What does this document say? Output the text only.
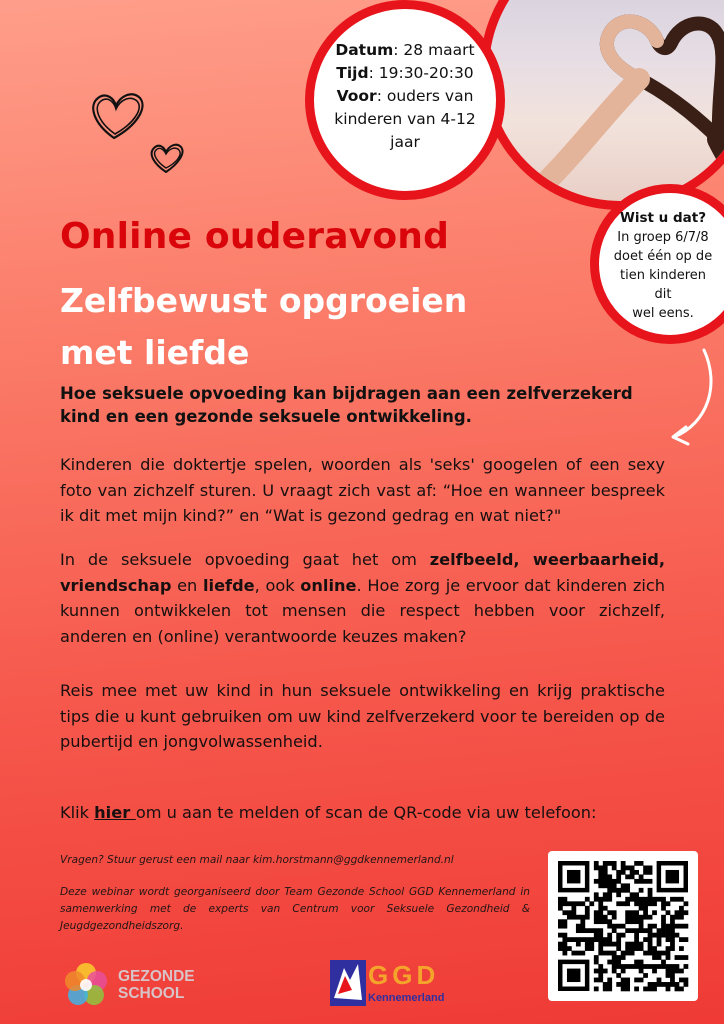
Datum: 28 maart
Tijd: 19:30-20:30
Voor: ouders van
kinderen van 4-12
jaar
Wist u dat?
In groep 6/7/8
doet één op de
tien kinderen dit
wel eens.
Online ouderavond
Zelfbewust opgroeien
met liefde
Hoe seksuele opvoeding kan bijdragen aan een zelfverzekerd kind en een gezonde seksuele ontwikkeling.
Kinderen die doktertje spelen, woorden als 'seks' googelen of een sexy foto van zichzelf sturen. U vraagt zich vast af: “Hoe en wanneer bespreek ik dit met mijn kind?” en “Wat is gezond gedrag en wat niet?"
In de seksuele opvoeding gaat het om zelfbeeld, weerbaarheid, vriendschap en liefde, ook online. Hoe zorg je ervoor dat kinderen zich kunnen ontwikkelen tot mensen die respect hebben voor zichzelf, anderen en (online) verantwoorde keuzes maken?
Reis mee met uw kind in hun seksuele ontwikkeling en krijg praktische tips die u kunt gebruiken om uw kind zelfverzekerd voor te bereiden op de pubertijd en jongvolwassenheid.
Klik hier om u aan te melden of scan de QR-code via uw telefoon:
Vragen? Stuur gerust een mail naar kim.horstmann@ggdkennemerland.nl
Deze webinar wordt georganiseerd door Team Gezonde School GGD Kennemerland in samenwerking met de experts van Centrum voor Seksuele Gezondheid & Jeugdgezondheidszorg.
GEZONDE
SCHOOL
GGD
Kennemerland
